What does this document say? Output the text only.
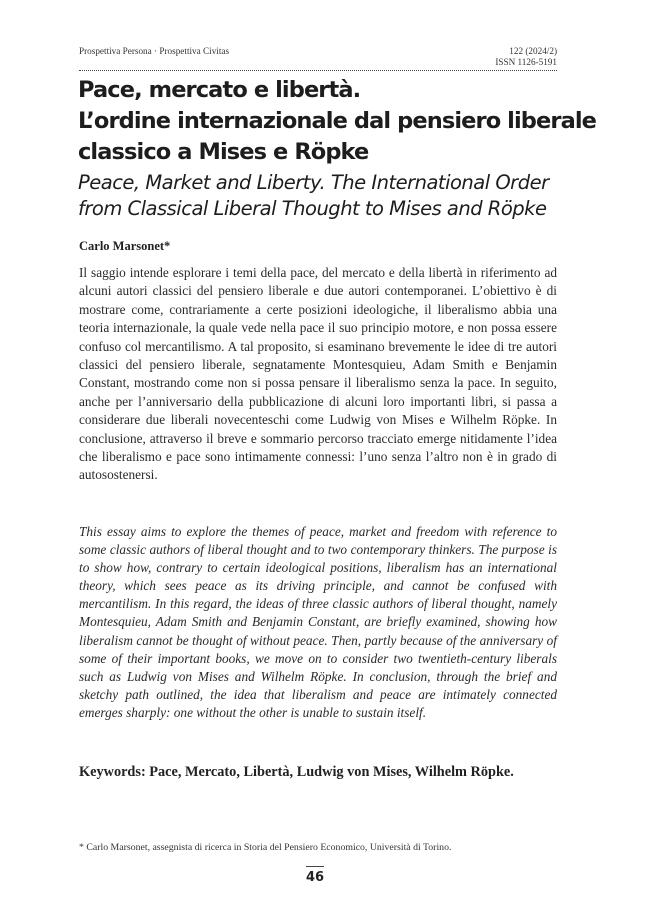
Prospettiva Persona · Prospettiva Civitas	122 (2024/2)
ISSN 1126-5191
Pace, mercato e libertà.
L’ordine internazionale dal pensiero liberale
classico a Mises e Röpke
Peace, Market and Liberty. The International Order
from Classical Liberal Thought to Mises and Röpke
Carlo Marsonet*

Il saggio intende esplorare i temi della pace, del mercato e della libertà in riferimento ad alcuni autori classici del pensiero liberale e due autori contemporanei. L’obiettivo è di mostrare come, contrariamente a certe posizioni ideologiche, il liberalismo abbia una teoria internazionale, la quale vede nella pace il suo principio motore, e non possa essere confuso col mercantilismo. A tal proposito, si esaminano brevemente le idee di tre autori classici del pensiero liberale, segnatamente Montesquieu, Adam Smith e Benjamin Constant, mostrando come non si possa pensare il liberalismo senza la pace. In seguito, anche per l’anniversario della pubblicazione di alcuni loro importanti libri, si passa a considerare due liberali novecenteschi come Ludwig von Mises e Wilhelm Röpke. In conclusione, attraverso il breve e sommario percorso tracciato emerge nitidamente l’idea che liberalismo e pace sono intimamente connessi: l’uno senza l’altro non è in grado di autosostenersi.

This essay aims to explore the themes of peace, market and freedom with reference to some classic authors of liberal thought and to two contemporary thinkers. The purpose is to show how, contrary to certain ideological positions, liberalism has an international theory, which sees peace as its driving principle, and cannot be confused with mercantilism. In this regard, the ideas of three classic authors of liberal thought, namely Montesquieu, Adam Smith and Benjamin Constant, are briefly examined, showing how liberalism cannot be thought of without peace. Then, partly because of the anniversary of some of their important books, we move on to consider two twentieth-century liberals such as Ludwig von Mises and Wilhelm Röpke. In conclusion, through the brief and sketchy path outlined, the idea that liberalism and peace are intimately connected emerges sharply: one without the other is unable to sustain itself.

Keywords: Pace, Mercato, Libertà, Ludwig von Mises, Wilhelm Röpke.
* Carlo Marsonet, assegnista di ricerca in Storia del Pensiero Economico, Università di Torino.
46
